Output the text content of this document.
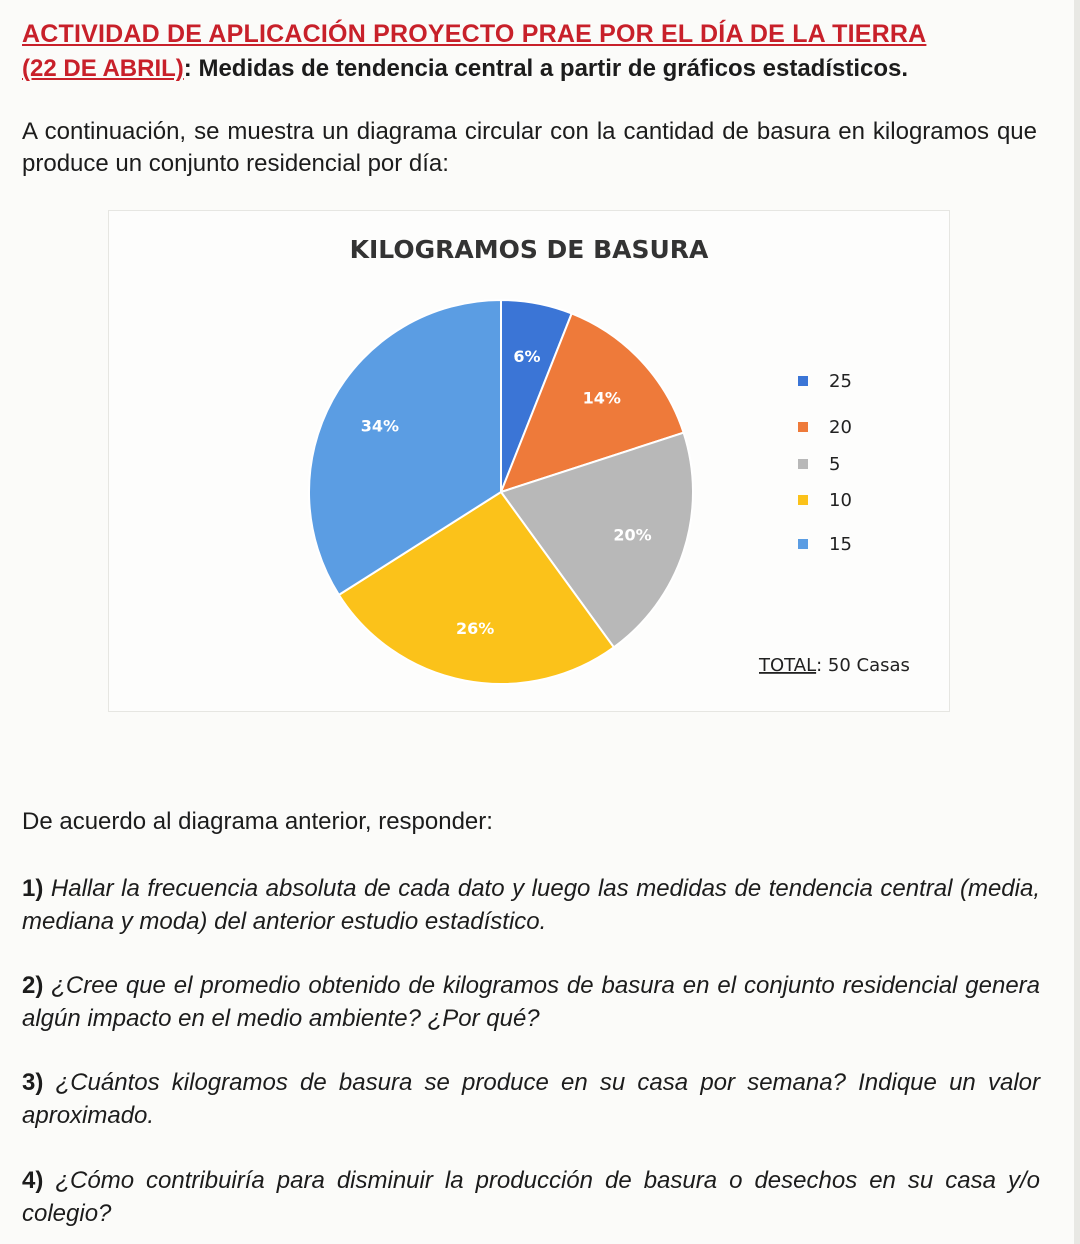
ACTIVIDAD DE APLICACIÓN PROYECTO PRAE POR EL DÍA DE LA TIERRA
(22 DE ABRIL): Medidas de tendencia central a partir de gráficos estadísticos.
A continuación, se muestra un diagrama circular con la cantidad de basura en kilogramos que produce un conjunto residencial por día:
KILOGRAMOS DE BASURA
6%
14%
20%
26%
34%
25
20
5
10
15
TOTAL: 50 Casas
De acuerdo al diagrama anterior, responder:
1) Hallar la frecuencia absoluta de cada dato y luego las medidas de tendencia central (media, mediana y moda) del anterior estudio estadístico.
2) ¿Cree que el promedio obtenido de kilogramos de basura en el conjunto residencial genera algún impacto en el medio ambiente? ¿Por qué?
3) ¿Cuántos kilogramos de basura se produce en su casa por semana? Indique un valor aproximado.
4) ¿Cómo contribuiría para disminuir la producción de basura o desechos en su casa y/o colegio?
